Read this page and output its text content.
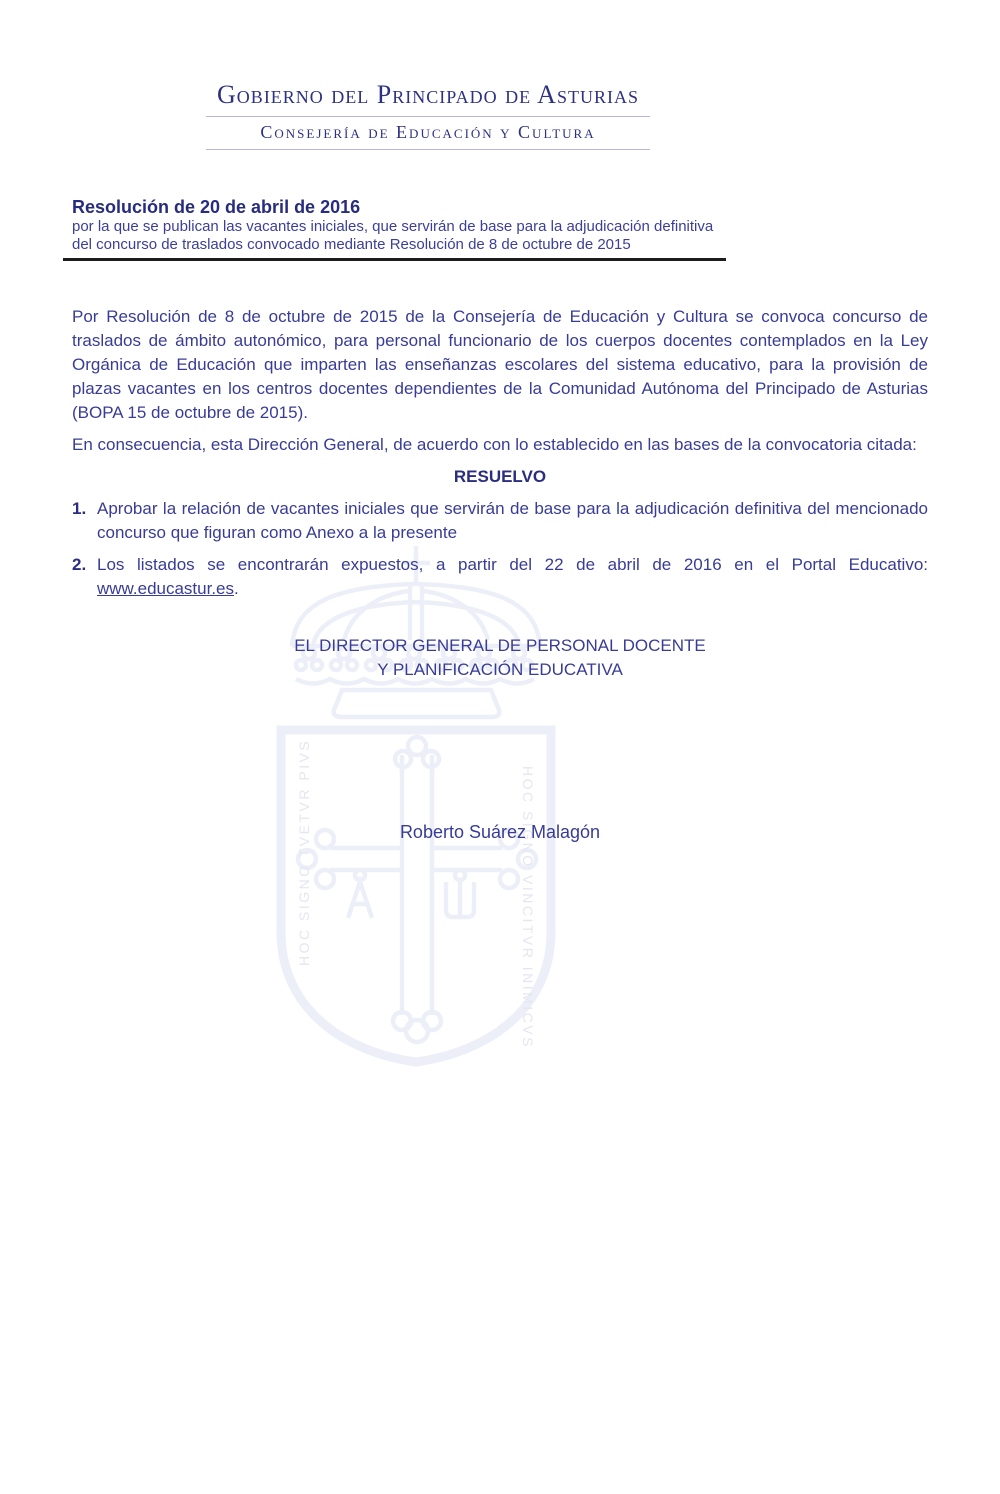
HOC SIGNO TVETVR PIVS	HOC SIGNO VINCITVR INIMICVS
Gobierno del Principado de Asturias
Consejería de Educación y Cultura
Resolución de 20 de abril de 2016
por la que se publican las vacantes iniciales, que servirán de base para la adjudicación definitiva
del concurso de traslados convocado mediante Resolución de 8 de octubre de 2015

Por Resolución de 8 de octubre de 2015 de la Consejería de Educación y Cultura se convoca concurso de traslados de ámbito autonómico, para personal funcionario de los cuerpos docentes contemplados en la Ley Orgánica de Educación que imparten las enseñanzas escolares del sistema educativo, para la provisión de plazas vacantes en los centros docentes dependientes de la Comunidad Autónoma del Principado de Asturias (BOPA 15 de octubre de 2015).

En consecuencia, esta Dirección General, de acuerdo con lo establecido en las bases de la convocatoria citada:

RESUELVO
1. Aprobar la relación de vacantes iniciales que servirán de base para la adjudicación definitiva del mencionado concurso que figuran como Anexo a la presente
2. Los listados se encontrarán expuestos, a partir del 22 de abril de 2016 en el Portal Educativo: www.educastur.es.
EL DIRECTOR GENERAL DE PERSONAL DOCENTE
Y PLANIFICACIÓN EDUCATIVA
Roberto Suárez Malagón
